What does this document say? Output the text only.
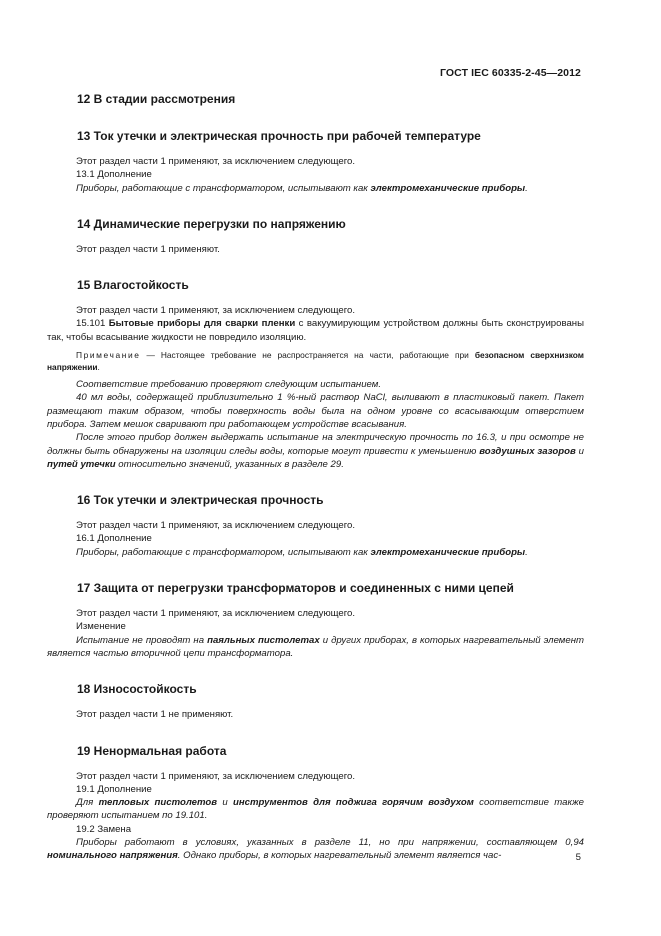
ГОСТ IEC 60335-2-45—2012
12 В стадии рассмотрения
13 Ток утечки и электрическая прочность при рабочей температуре

Этот раздел части 1 применяют, за исключением следующего.

13.1 Дополнение

Приборы, работающие с трансформатором, испытывают как электромеханические приборы.

14 Динамические перегрузки по напряжению

Этот раздел части 1 применяют.

15 Влагостойкость

Этот раздел части 1 применяют, за исключением следующего.

15.101 Бытовые приборы для сварки пленки с вакуумирующим устройством должны быть сконструированы так, чтобы всасывание жидкости не повредило изоляцию.

Примечание — Настоящее требование не распространяется на части, работающие при безопасном сверхнизком напряжении.

Соответствие требованию проверяют следующим испытанием.

40 мл воды, содержащей приблизительно 1 %-ный раствор NaCl, выливают в пластиковый пакет. Пакет размещают таким образом, чтобы поверхность воды была на одном уровне со всасывающим отверстием прибора. Затем мешок сваривают при работающем устройстве всасывания.

После этого прибор должен выдержать испытание на электрическую прочность по 16.3, и при осмотре не должны быть обнаружены на изоляции следы воды, которые могут привести к уменьшению воздушных зазоров и путей утечки относительно значений, указанных в разделе 29.

16 Ток утечки и электрическая прочность

Этот раздел части 1 применяют, за исключением следующего.

16.1 Дополнение

Приборы, работающие с трансформатором, испытывают как электромеханические приборы.

17 Защита от перегрузки трансформаторов и соединенных с ними цепей

Этот раздел части 1 применяют, за исключением следующего.

Изменение

Испытание не проводят на паяльных пистолетах и других приборах, в которых нагревательный элемент является частью вторичной цепи трансформатора.

18 Износостойкость

Этот раздел части 1 не применяют.

19 Ненормальная работа

Этот раздел части 1 применяют, за исключением следующего.

19.1 Дополнение

Для тепловых пистолетов и инструментов для поджига горячим воздухом соответствие также проверяют испытанием по 19.101.

19.2 Замена

Приборы работают в условиях, указанных в разделе 11, но при напряжении, составляющем 0,94 номинального напряжения. Однако приборы, в которых нагревательный элемент является час-	5
